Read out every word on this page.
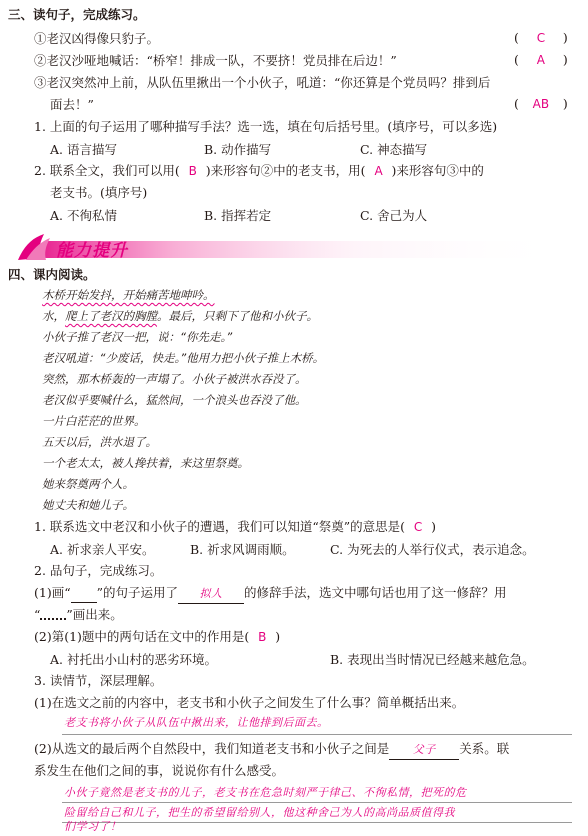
三、读句子，完成练习。
①老汉凶得像只豹子。	( C )
②老汉沙哑地喊话：“桥窄！排成一队，不要挤！党员排在后边！”	( A )
③老汉突然冲上前，从队伍里揪出一个小伙子，吼道：“你还算是个党员吗？排到后
面去！”	( AB )
1. 上面的句子运用了哪种描写手法？选一选，填在句后括号里。(填序号，可以多选)
A. 语言描写	B. 动作描写	C. 神态描写
2. 联系全文，我们可以用( B )来形容句②中的老支书，用( A )来形容句③中的
老支书。(填序号)
A. 不徇私情	B. 指挥若定	C. 舍己为人
能力提升
四、课内阅读。
木桥开始发抖，开始痛苦地呻吟。
水，爬上了老汉的胸膛。最后，只剩下了他和小伙子。
小伙子推了老汉一把，说：“你先走。”
老汉吼道：“少废话，快走。”他用力把小伙子推上木桥。
突然，那木桥轰的一声塌了。小伙子被洪水吞没了。
老汉似乎要喊什么，猛然间，一个浪头也吞没了他。
一片白茫茫的世界。
五天以后，洪水退了。
一个老太太，被人搀扶着，来这里祭奠。
她来祭奠两个人。
她丈夫和她儿子。
1. 联系选文中老汉和小伙子的遭遇，我们可以知道“祭奠”的意思是( C )
A. 祈求亲人平安。	B. 祈求风调雨顺。	C. 为死去的人举行仪式，表示追念。
2. 品句子，完成练习。
(1)画“ ”的句子运用了 拟人 的修辞手法，选文中哪句话也用了这一修辞？用
“ ”画出来。
(2)第(1)题中的两句话在文中的作用是( B )
A. 衬托出小山村的恶劣环境。	B. 表现出当时情况已经越来越危急。
3. 读情节，深层理解。
(1)在选文之前的内容中，老支书和小伙子之间发生了什么事？简单概括出来。
老支书将小伙子从队伍中揪出来，让他排到后面去。
(2)从选文的最后两个自然段中，我们知道老支书和小伙子之间是 父子 关系。联
系发生在他们之间的事，说说你有什么感受。
小伙子竟然是老支书的儿子，老支书在危急时刻严于律己、不徇私情，把死的危
险留给自己和儿子，把生的希望留给别人，他这种舍己为人的高尚品质值得我
们学习了！
